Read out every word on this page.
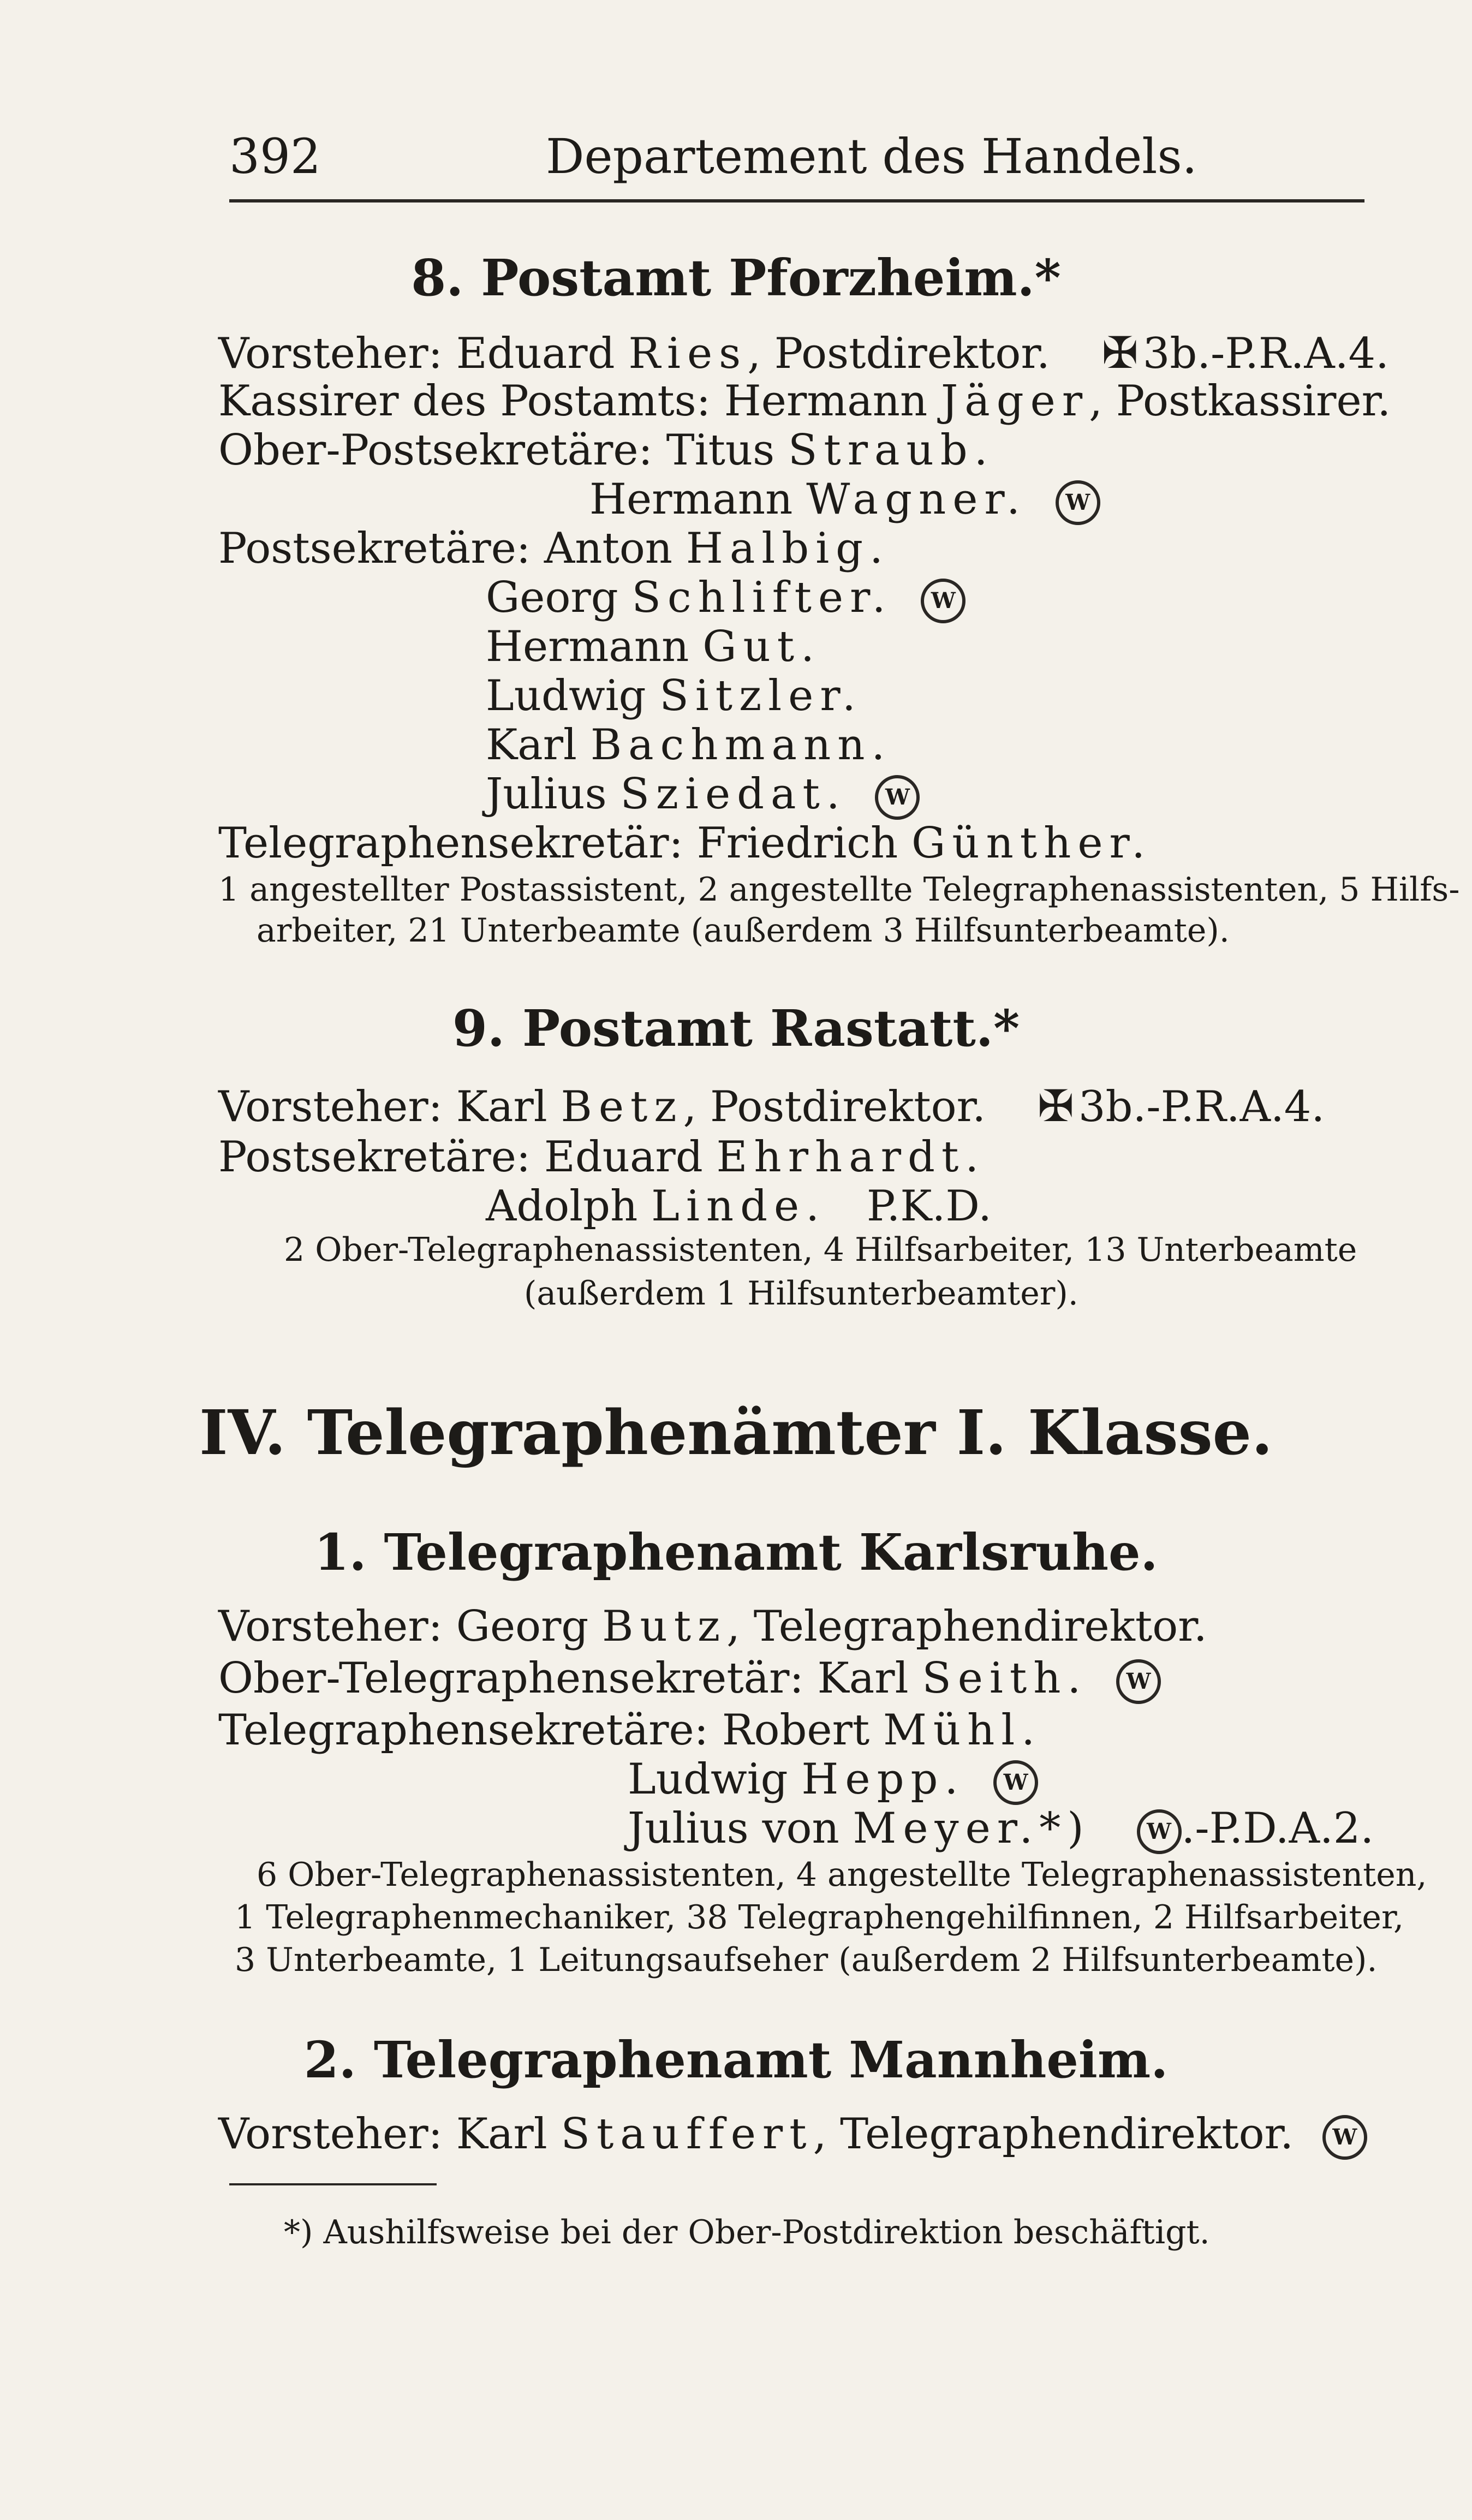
392	Departement des Handels.
8. Postamt Pforzheim.*
Vorsteher: Eduard Ries, Postdirektor. ✠ 3b.-P.R.A.4.
Kassirer des Postamts: Hermann Jäger, Postkassirer.
Ober-Postsekretäre: Titus Straub.
Hermann Wagner. W
Postsekretäre: Anton Halbig.
Georg Schlifter. W
Hermann Gut.
Ludwig Sitzler.
Karl Bachmann.
Julius Sziedat. W
Telegraphensekretär: Friedrich Günther.
1 angestellter Postassistent, 2 angestellte Telegraphenassistenten, 5 Hilfs-
arbeiter, 21 Unterbeamte (außerdem 3 Hilfsunterbeamte).
9. Postamt Rastatt.*
Vorsteher: Karl Betz, Postdirektor. ✠ 3b.-P.R.A.4.
Postsekretäre: Eduard Ehrhardt.
Adolph Linde. P.K.D.
2 Ober-Telegraphenassistenten, 4 Hilfsarbeiter, 13 Unterbeamte
(außerdem 1 Hilfsunterbeamter).
IV. Telegraphenämter I. Klasse.
1. Telegraphenamt Karlsruhe.
Vorsteher: Georg Butz, Telegraphendirektor.
Ober-Telegraphensekretär: Karl Seith. W
Telegraphensekretäre: Robert Mühl.
Ludwig Hepp. W
Julius von Meyer.*)	W .-P.D.A.2.
6 Ober-Telegraphenassistenten, 4 angestellte Telegraphenassistenten,
1 Telegraphenmechaniker, 38 Telegraphengehilfinnen, 2 Hilfsarbeiter,
3 Unterbeamte, 1 Leitungsaufseher (außerdem 2 Hilfsunterbeamte).
2. Telegraphenamt Mannheim.
Vorsteher: Karl Stauffert, Telegraphendirektor. W
*) Aushilfsweise bei der Ober-Postdirektion beschäftigt.
